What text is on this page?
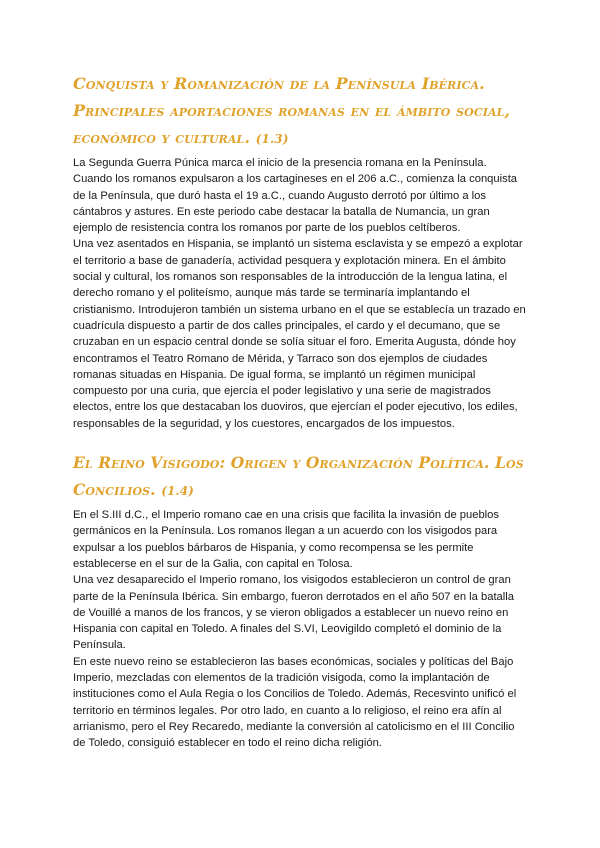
Conquista y Romanización de la Península Ibérica. Principales aportaciones romanas en el ámbito social, económico y cultural. (1.3)

La Segunda Guerra Púnica marca el inicio de la presencia romana en la Península. Cuando los romanos expulsaron a los cartagineses en el 206 a.C., comienza la conquista de la Península, que duró hasta el 19 a.C., cuando Augusto derrotó por último a los cántabros y astures. En este periodo cabe destacar la batalla de Numancia, un gran ejemplo de resistencia contra los romanos por parte de los pueblos celtíberos.

Una vez asentados en Hispania, se implantó un sistema esclavista y se empezó a explotar el territorio a base de ganadería, actividad pesquera y explotación minera. En el ámbito social y cultural, los romanos son responsables de la introducción de la lengua latina, el derecho romano y el politeísmo, aunque más tarde se terminaría implantando el cristianismo. Introdujeron también un sistema urbano en el que se establecía un trazado en cuadrícula dispuesto a partir de dos calles principales, el cardo y el decumano, que se cruzaban en un espacio central donde se solía situar el foro. Emerita Augusta, dónde hoy encontramos el Teatro Romano de Mérida, y Tarraco son dos ejemplos de ciudades romanas situadas en Hispania. De igual forma, se implantó un régimen municipal compuesto por una curia, que ejercía el poder legislativo y una serie de magistrados electos, entre los que destacaban los duoviros, que ejercían el poder ejecutivo, los ediles, responsables de la seguridad, y los cuestores, encargados de los impuestos.

El Reino Visigodo: Origen y Organización Política. Los Concilios. (1.4)

En el S.III d.C., el Imperio romano cae en una crisis que facilita la invasión de pueblos germánicos en la Península. Los romanos llegan a un acuerdo con los visigodos para expulsar a los pueblos bárbaros de Hispania, y como recompensa se les permite establecerse en el sur de la Galia, con capital en Tolosa.

Una vez desaparecido el Imperio romano, los visigodos establecieron un control de gran parte de la Península Ibérica. Sin embargo, fueron derrotados en el año 507 en la batalla de Vouillé a manos de los francos, y se vieron obligados a establecer un nuevo reino en Hispania con capital en Toledo. A finales del S.VI, Leovigildo completó el dominio de la Península.

En este nuevo reino se establecieron las bases económicas, sociales y políticas del Bajo Imperio, mezcladas con elementos de la tradición visigoda, como la implantación de instituciones como el Aula Regia o los Concilios de Toledo. Además, Recesvinto unificó el territorio en términos legales. Por otro lado, en cuanto a lo religioso, el reino era afín al arrianismo, pero el Rey Recaredo, mediante la conversión al catolicismo en el III Concilio de Toledo, consiguió establecer en todo el reino dicha religión.
